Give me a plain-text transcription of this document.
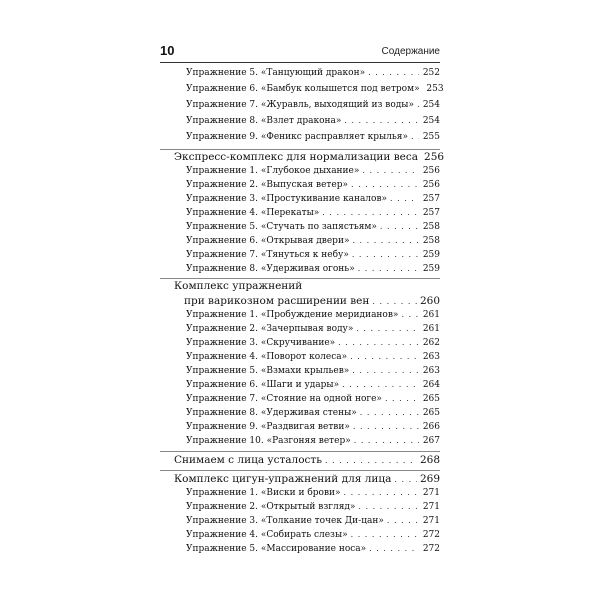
10	Содержание
Упражнение 5. «Танцующий дракон» . . .	252
Упражнение 6. «Бамбук колышется под ветром» 253
Упражнение 7. «Журавль, выходящий из воды» . . . 254
Упражнение 8. «Взлет дракона» . . .	254
Упражнение 9. «Феникс расправляет крылья» . . . 255
Экспресс-комплекс для нормализации веса 256
Упражнение 1. «Глубокое дыхание» . . .	256
Упражнение 2. «Выпуская ветер» . . .	256
Упражнение 3. «Простукивание каналов» . . .	257
Упражнение 4. «Перекаты» . . .	257
Упражнение 5. «Стучать по запястьям» . . .	258
Упражнение 6. «Открывая двери» . . .	258
Упражнение 7. «Тянуться к небу» . . .	259
Упражнение 8. «Удерживая огонь» . . .	259
Комплекс упражнений
при варикозном расширении вен . . .	260
Упражнение 1. «Пробуждение меридианов» . . .	261
Упражнение 2. «Зачерпывая воду» . . .	261
Упражнение 3. «Скручивание» . . .	262
Упражнение 4. «Поворот колеса» . . .	263
Упражнение 5. «Взмахи крыльев» . . .	263
Упражнение 6. «Шаги и удары» . . .	264
Упражнение 7. «Стояние на одной ноге» . . .	265
Упражнение 8. «Удерживая стены» . . .	265
Упражнение 9. «Раздвигая ветви» . . .	266
Упражнение 10. «Разгоняя ветер» . . .	267
Снимаем с лица усталость . . .	268
Комплекс цигун-упражнений для лица . . .	269
Упражнение 1. «Виски и брови» . . .	271
Упражнение 2. «Открытый взгляд» . . .	271
Упражнение 3. «Толкание точек Ди-цан» . . .	271
Упражнение 4. «Собирать слезы» . . .	272
Упражнение 5. «Массирование носа» . . .	272
